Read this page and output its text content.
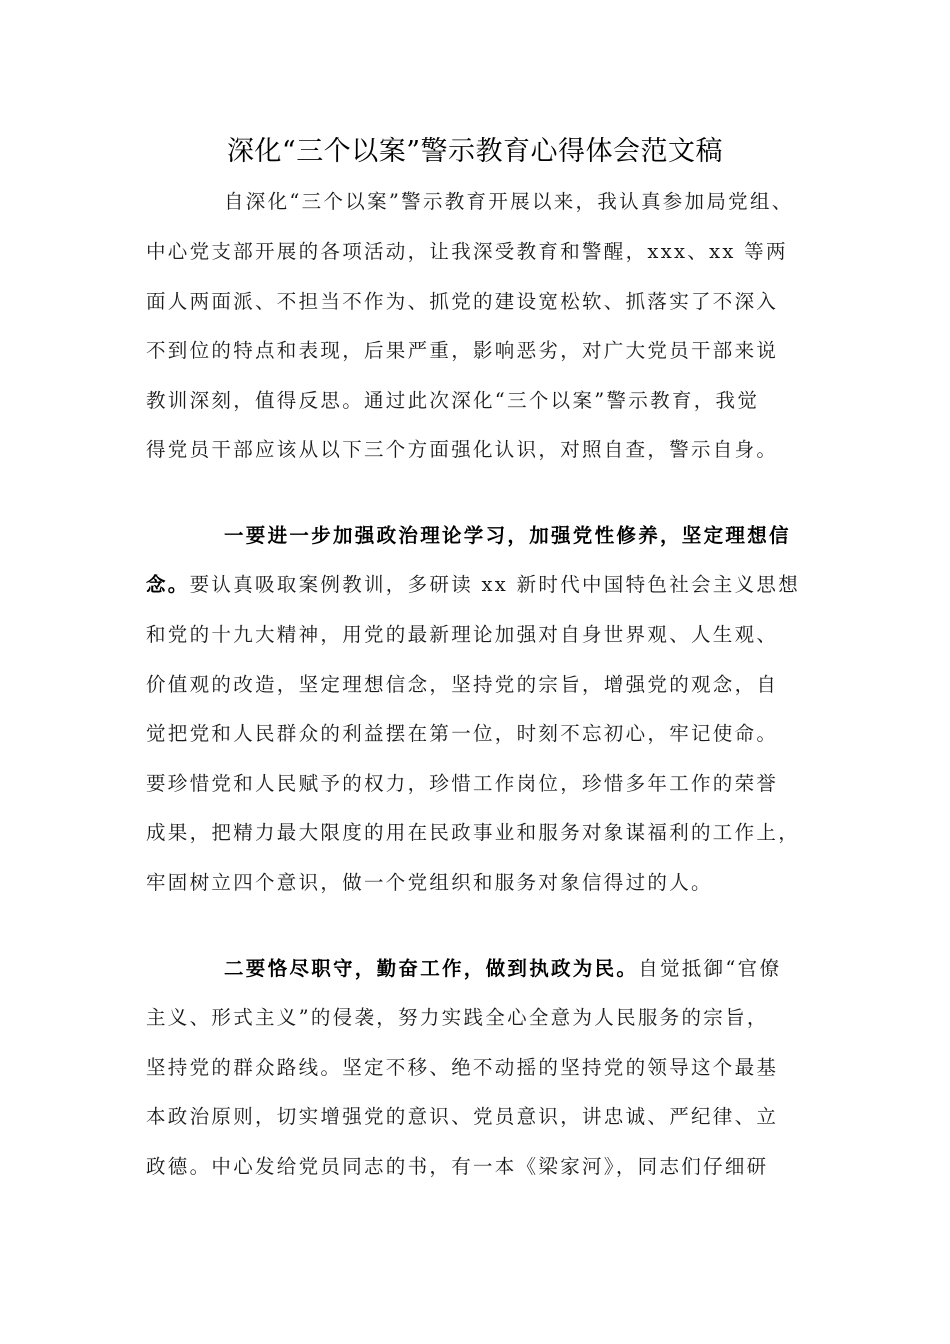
深化“三个以案”警示教育心得体会范文稿
自深化“三个以案”警示教育开展以来，我认真参加局党组、
中心党支部开展的各项活动，让我深受教育和警醒，xxx、xx 等两
面人两面派、不担当不作为、抓党的建设宽松软、抓落实了不深入
不到位的特点和表现，后果严重，影响恶劣，对广大党员干部来说
教训深刻，值得反思。通过此次深化“三个以案”警示教育，我觉
得党员干部应该从以下三个方面强化认识，对照自查，警示自身。
一要进一步加强政治理论学习，加强党性修养，坚定理想信
念。要认真吸取案例教训，多研读 xx 新时代中国特色社会主义思想
和党的十九大精神，用党的最新理论加强对自身世界观、人生观、
价值观的改造，坚定理想信念，坚持党的宗旨，增强党的观念，自
觉把党和人民群众的利益摆在第一位，时刻不忘初心，牢记使命。
要珍惜党和人民赋予的权力，珍惜工作岗位，珍惜多年工作的荣誉
成果，把精力最大限度的用在民政事业和服务对象谋福利的工作上，
牢固树立四个意识，做一个党组织和服务对象信得过的人。
二要恪尽职守，勤奋工作，做到执政为民。自觉抵御“官僚
主义、形式主义”的侵袭，努力实践全心全意为人民服务的宗旨，
坚持党的群众路线。坚定不移、绝不动摇的坚持党的领导这个最基
本政治原则，切实增强党的意识、党员意识，讲忠诚、严纪律、立
政德。中心发给党员同志的书，有一本《梁家河》，同志们仔细研
